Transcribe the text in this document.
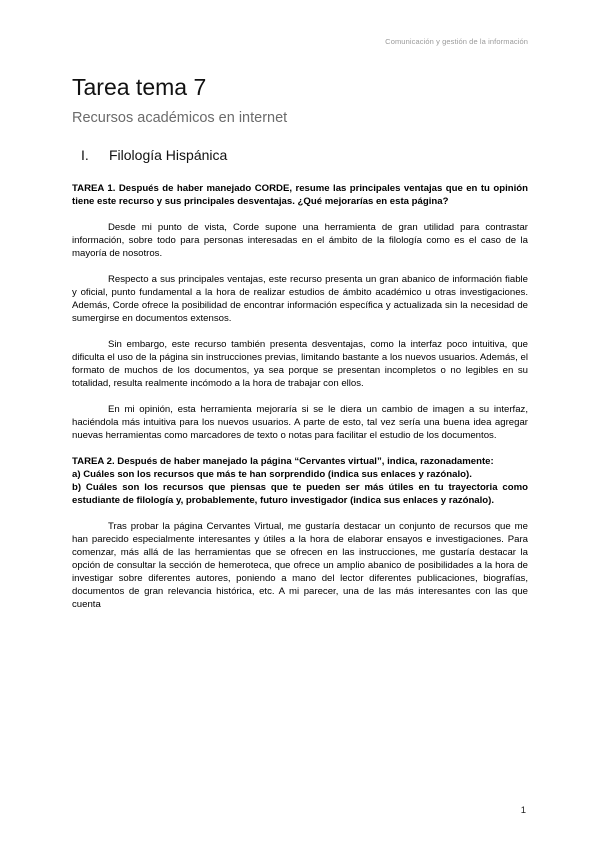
Comunicación y gestión de la información
Tarea tema 7
Recursos académicos en internet
I. Filología Hispánica

TAREA 1. Después de haber manejado CORDE, resume las principales ventajas que en tu opinión tiene este recurso y sus principales desventajas. ¿Qué mejorarías en esta página?

Desde mi punto de vista, Corde supone una herramienta de gran utilidad para contrastar información, sobre todo para personas interesadas en el ámbito de la filología como es el caso de la mayoría de nosotros.

Respecto a sus principales ventajas, este recurso presenta un gran abanico de información fiable y oficial, punto fundamental a la hora de realizar estudios de ámbito académico u otras investigaciones. Además, Corde ofrece la posibilidad de encontrar información específica y actualizada sin la necesidad de sumergirse en documentos extensos.

Sin embargo, este recurso también presenta desventajas, como la interfaz poco intuitiva, que dificulta el uso de la página sin instrucciones previas, limitando bastante a los nuevos usuarios. Además, el formato de muchos de los documentos, ya sea porque se presentan incompletos o no legibles en su totalidad, resulta realmente incómodo a la hora de trabajar con ellos.

En mi opinión, esta herramienta mejoraría si se le diera un cambio de imagen a su interfaz, haciéndola más intuitiva para los nuevos usuarios. A parte de esto, tal vez sería una buena idea agregar nuevas herramientas como marcadores de texto o notas para facilitar el estudio de los documentos.

TAREA 2. Después de haber manejado la página “Cervantes virtual”, indica, razonadamente:
a) Cuáles son los recursos que más te han sorprendido (indica sus enlaces y razónalo).
b) Cuáles son los recursos que piensas que te pueden ser más útiles en tu trayectoria como estudiante de filología y, probablemente, futuro investigador (indica sus enlaces y razónalo).

Tras probar la página Cervantes Virtual, me gustaría destacar un conjunto de recursos que me han parecido especialmente interesantes y útiles a la hora de elaborar ensayos e investigaciones. Para comenzar, más allá de las herramientas que se ofrecen en las instrucciones, me gustaría destacar la opción de consultar la sección de hemeroteca, que ofrece un amplio abanico de posibilidades a la hora de investigar sobre diferentes autores, poniendo a mano del lector diferentes publicaciones, biografías, documentos de gran relevancia histórica, etc. A mi parecer, una de las más interesantes con las que cuenta

1
